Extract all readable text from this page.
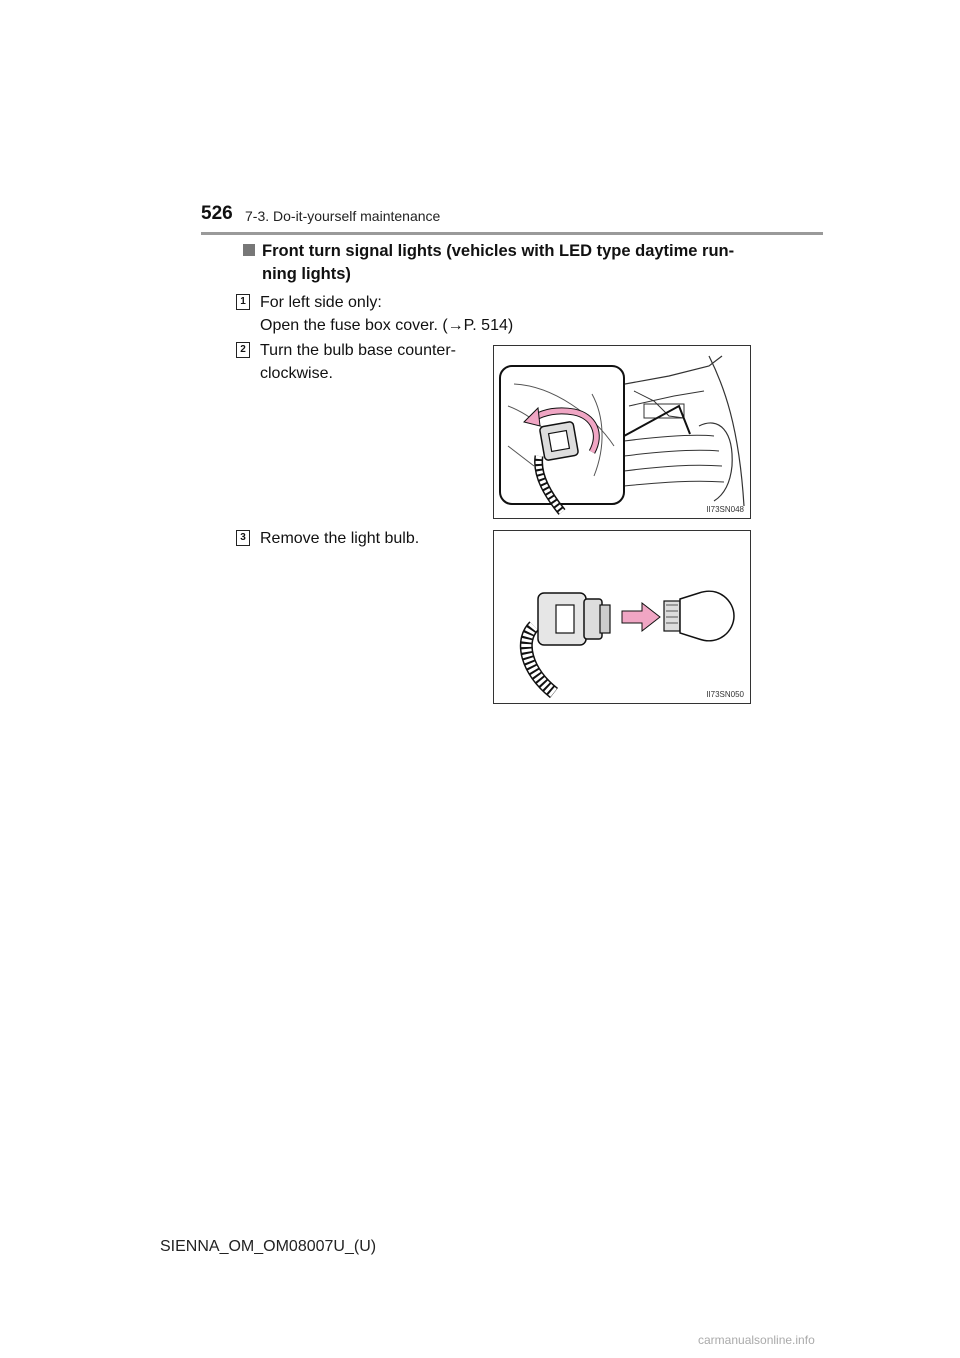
526 7-3. Do-it-yourself maintenance
Front turn signal lights (vehicles with LED type daytime run-
ning lights)
1 For left side only:
Open the fuse box cover. (→P. 514)
2 Turn the bulb base counter-
clockwise.
II73SN048
3 Remove the light bulb.
II73SN050
SIENNA_OM_OM08007U_(U)
carmanualsonline.info
